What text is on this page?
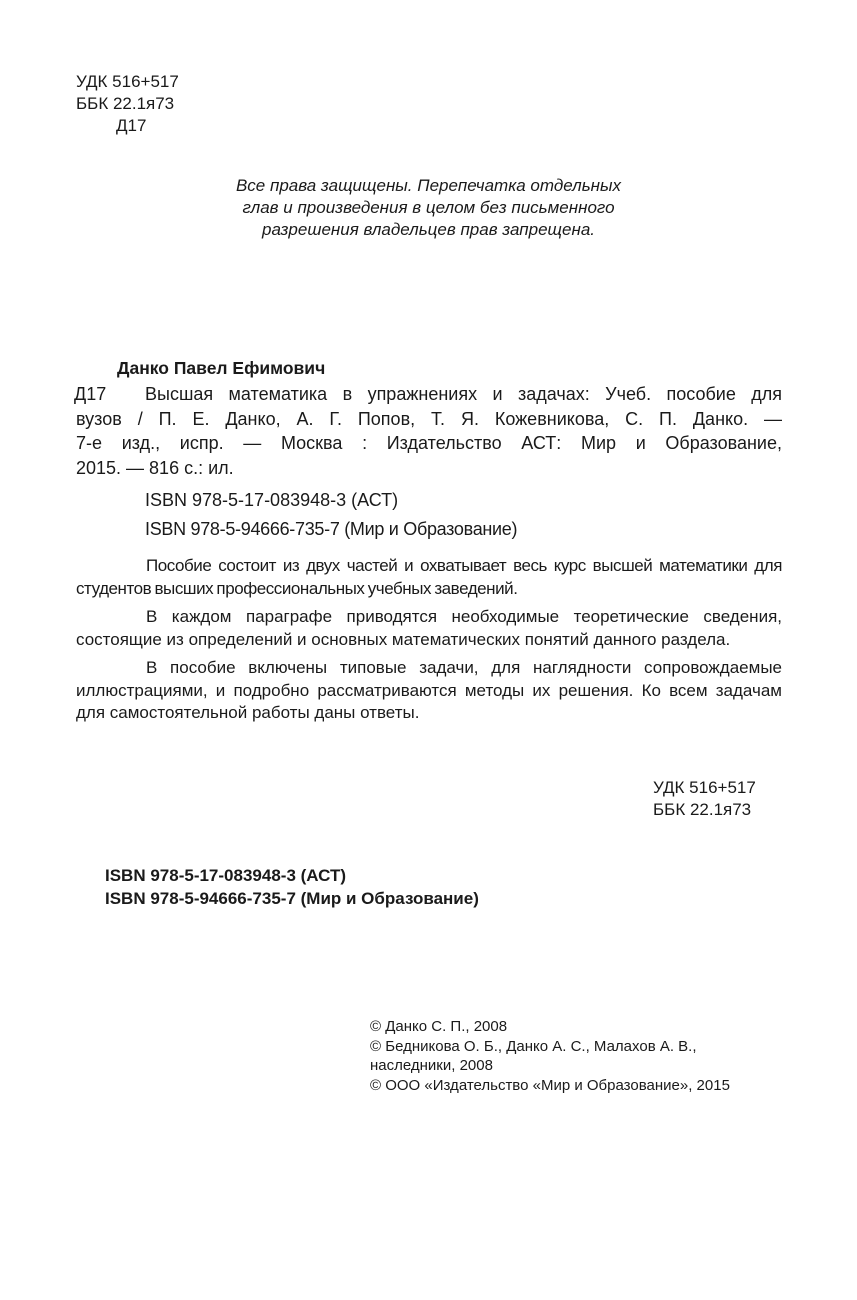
УДК 516+517
ББК 22.1я73
Д17
Все права защищены. Перепечатка отдельных
глав и произведения в целом без письменного
разрешения владельцев прав запрещена.
Данко Павел Ефимович
Д17 Высшая математика в упражнениях и задачах: Учеб. пособие для
вузов / П. Е. Данко, А. Г. Попов, Т. Я. Кожевникова, С. П. Данко. —
7-е изд., испр. — Москва : Издательство АСТ: Мир и Образование,
2015. — 816 с.: ил.
ISBN 978-5-17-083948-3 (АСТ)
ISBN 978-5-94666-735-7 (Мир и Образование)

Пособие состоит из двух частей и охватывает весь курс высшей математики для студентов высших профессиональных учебных заведений.

В каждом параграфе приводятся необходимые теоретические сведения, состоящие из определений и основных математических понятий данного раздела.

В пособие включены типовые задачи, для наглядности сопровождаемые иллюстрациями, и подробно рассматриваются методы их решения. Ко всем задачам для самостоятельной работы даны ответы.

УДК 516+517
ББК 22.1я73
ISBN 978-5-17-083948-3 (АСТ)
ISBN 978-5-94666-735-7 (Мир и Образование)
© Данко С. П., 2008
© Бедникова О. Б., Данко А. С., Малахов А. В.,
наследники, 2008
© ООО «Издательство «Мир и Образование», 2015
